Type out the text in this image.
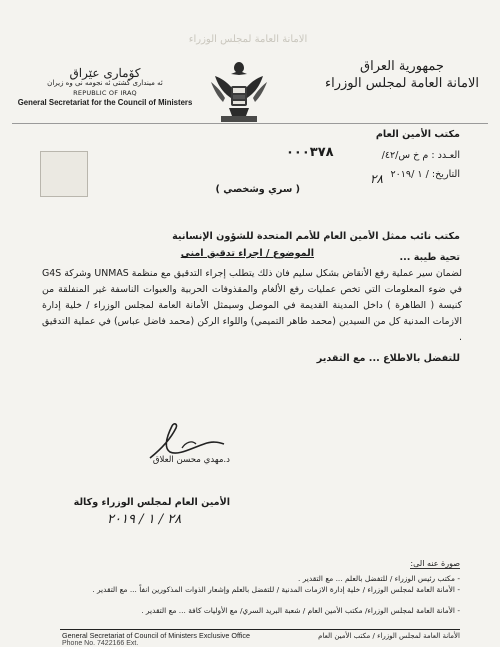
الامانة العامة لمجلس الوزراء
کۆماری عێراق
ئه مینداری گشتی ئه نجومه نی وه زیران
REPUBLIC OF IRAQ
General Secretariat for the Council of Ministers
جمهورية العراق
الامانة العامة لمجلس الوزراء
مكتب الأمين العام
العـدد : م خ س/٤٢/
٠٠٠٣٧٨
التاريخ: / ١ /٢٠١٩
٢٨
( سري وشخصي )
مكتب نائب ممثل الأمين العام للأمم المتحدة للشؤون الإنسانية
الموضوع / اجراء تدقيق امني	تحية طيبة ...
لضمان سير عملية رفع الأنقاض بشكل سليم فان ذلك يتطلب إجراء التدقيق مع منظمة UNMAS وشركة G4S في ضوء المعلومات التي تخص عمليات رفع الألغام والمقذوفات الحربية والعبوات الناسفة غير المنفلقة من كنيسة ( الطاهرة ) داخل المدينة القديمة في الموصل وسيمثل الأمانة العامة لمجلس الوزراء / خلية إدارة الازمات المدنية كل من السيدين (محمد طاهر التميمي) واللواء الركن (محمد فاضل عباس) في عملية التدقيق .
للتفضل بالاطلاع ... مع التقدير
د.مهدي محسن العلاق
الأمين العام لمجلس الوزراء وكالة
٢٨ / ١ / ٢٠١٩
صورة عنه الى:
- مكتب رئيس الوزراء / للتفضل بالعلم ... مع التقدير .
- الأمانة العامة لمجلس الوزراء / خلية إدارة الازمات المدنية / للتفضل بالعلم وإشعار الذوات المذكورين انفاً ... مع التقدير .
- الأمانة العامة لمجلس الوزراء/ مكتب الأمين العام / شعبة البريد السري/ مع الأوليات كافة ... مع التقدير .
General Secretariat of Council of Ministers Exclusive Office
Phone No. 7422166 Ext.
الأمانة العامة لمجلس الوزراء / مكتب الأمين العام
